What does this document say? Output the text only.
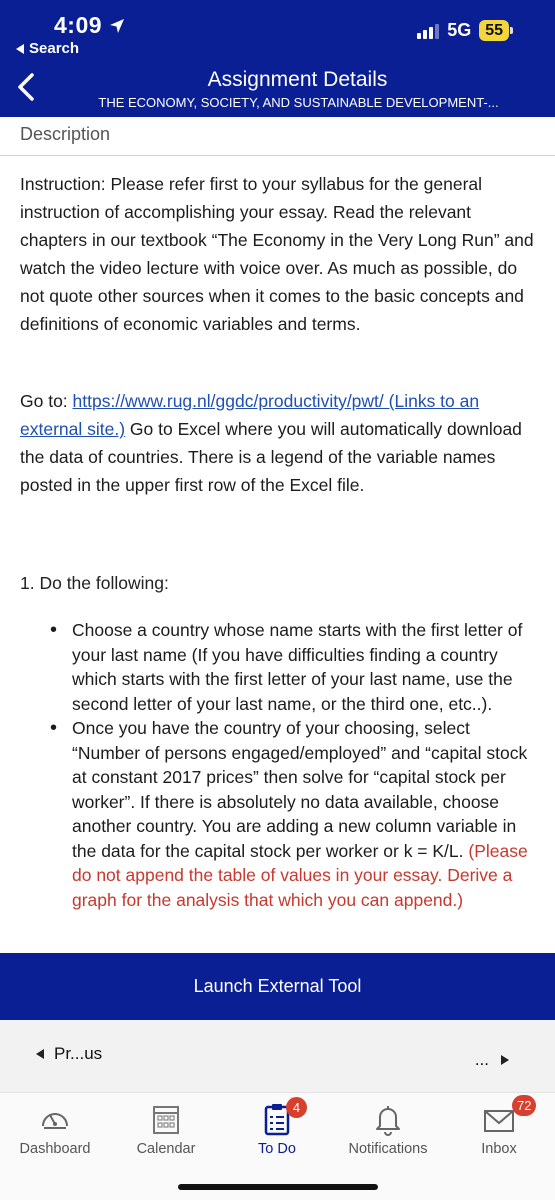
4:09
Search
5G 55
Assignment Details
THE ECONOMY, SOCIETY, AND SUSTAINABLE DEVELOPMENT-...
Description
Instruction: Please refer first to your syllabus for the general instruction of accomplishing your essay. Read the relevant chapters in our textbook “The Economy in the Very Long Run” and watch the video lecture with voice over. As much as possible, do not quote other sources when it comes to the basic concepts and definitions of economic variables and terms.
Go to: https://www.rug.nl/ggdc/productivity/pwt/ (Links to an external site.) Go to Excel where you will automatically download the data of countries. There is a legend of the variable names posted in the upper first row of the Excel file.
1. Do the following:
• Choose a country whose name starts with the first letter of your last name (If you have difficulties finding a country which starts with the first letter of your last name, use the second letter of your last name, or the third one, etc..).
• Once you have the country of your choosing, select “Number of persons engaged/employed” and “capital stock at constant 2017 prices” then solve for “capital stock per worker”. If there is absolutely no data available, choose another country. You are adding a new column variable in the data for the capital stock per worker or k = K/L. (Please do not append the table of values in your essay. Derive a graph for the analysis that which you can append.)
Launch External Tool
Pr...us	...
Dashboard	Calendar
4
To Do	Notifications
72
Inbox
